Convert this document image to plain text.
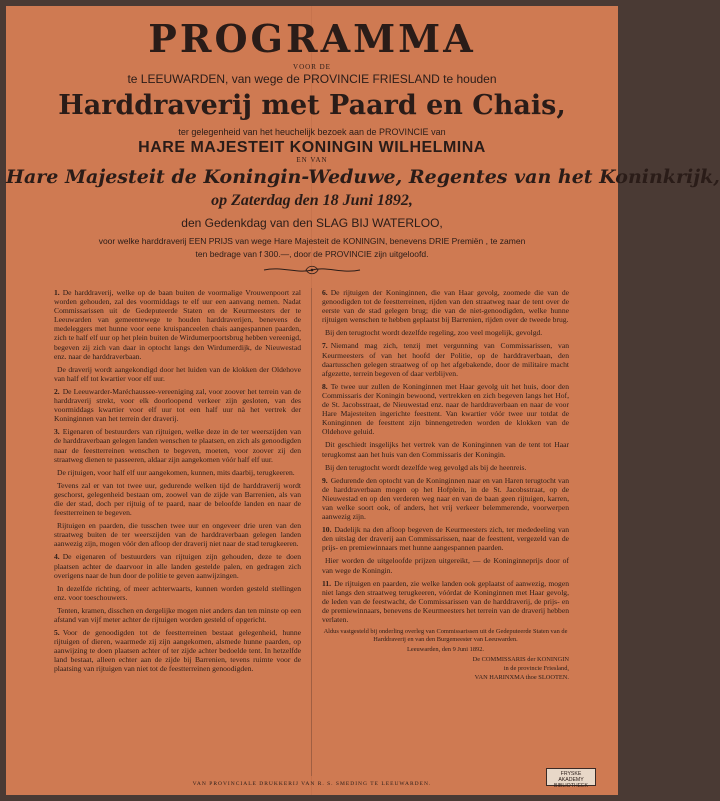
PROGRAMMA
VOOR DE
te LEEUWARDEN, van wege de PROVINCIE FRIESLAND te houden
Harddraverij met Paard en Chais,
ter gelegenheid van het heuchelijk bezoek aan de PROVINCIE van
HARE MAJESTEIT KONINGIN WILHELMINA
EN VAN
Hare Majesteit de Koningin-Weduwe, Regentes van het Koninkrijk,
op Zaterdag den 18 Juni 1892,
den Gedenkdag van den SLAG BIJ WATERLOO,
voor welke harddraverij EEN PRIJS van wege Hare Majesteit de KONINGIN, benevens DRIE Premiën , te zamen
ten bedrage van f 300.—, door de PROVINCIE zijn uitgeloofd.

1. De harddraverij, welke op de baan buiten de voormalige Vrouwenpoort zal worden gehouden, zal des voormiddags te elf uur een aanvang nemen. Nadat Commissarissen uit de Gedeputeerde Staten en de Keurmeesters der te Leeuwarden van gemeentewege te houden harddraverijen, benevens de medeleggers met hunne voor eene kruispanceelen chais aangespannen paarden, zich te half elf uur op het plein buiten de Wirdumerpoortsbrug hebben vereenigd, begeven zij zich van daar in optocht langs den Wirdumerdijk, de Nieuwestad enz. naar de harddraverbaan.

De draverij wordt aangekondigd door het luiden van de klokken der Oldehove van half elf tot kwartier voor elf uur.

2. De Leeuwarder-Maréchaussee-vereeniging zal, voor zoover het terrein van de harddraverij strekt, voor elk doorloopend verkeer zijn gesloten, van des voormiddags kwartier voor elf uur tot een half uur nà het vertrek der Koninginnen van het terrein der draverij.

3. Eigenaren of bestuurders van rijtuigen, welke deze in de ter weerszijden van de harddraverbaan gelegen landen wenschen te plaatsen, en zich als genoodigden naar de feestterreinen wenschen te begeven, moeten, voor zoover zij den straatweg dienen te passeeren, aldaar zijn aangekomen vóór half elf uur.

De rijtuigen, voor half elf uur aangekomen, kunnen, mits daarbij, terugkeeren.

Tevens zal er van tot twee uur, gedurende welken tijd de harddraverij wordt geschorst, gelegenheid bestaan om, zoowel van de zijde van Barrenien, als van die der stad, doch per rijtuig of te paard, naar de beloofde landen en naar de feestterreinen te begeven.

Rijtuigen en paarden, die tusschen twee uur en ongeveer drie uren van den straatweg buiten de ter weerszijden van de harddraverbaan gelegen landen aanwezig zijn, mogen vóór den afloop der draverij niet naar de stad terugkeeren.

4. De eigenaren of bestuurders van rijtuigen zijn gehouden, deze te doen plaatsen achter de daarvoor in alle landen gestelde palen, en gedragen zich overigens naar de hun door de politie te geven aanwijzingen.

In dezelfde richting, of meer achterwaarts, kunnen worden gesteld stellingen enz. voor toeschouwers.

Tenten, kramen, disschen en dergelijke mogen niet anders dan ten minste op een afstand van vijf meter achter de rijtuigen worden gesteld of opgericht.

5. Voor de genoodigden tot de feestterreinen bestaat gelegenheid, hunne rijtuigen of dieren, waarmede zij zijn aangekomen, alsmede hunne paarden, op aanwijzing te doen plaatsen achter of ter zijde achter bedoelde tent. In hetzelfde land bestaat, alleen echter aan de zijde bij Barrenien, tevens ruimte voor de plaatsing van rijtuigen van niet tot de feestterreinen genoodigden.

6. De rijtuigen der Koninginnen, die van Haar gevolg, zoomede die van de genoodigden tot de feestterreinen, rijden van den straatweg naar de tent over de eerste van de stad gelegen brug; die van de niet-genoodigden, welke hunne rijtuigen wenschen te hebben geplaatst bij Barrenien, rijden over de tweede brug.

Bij den terugtocht wordt dezelfde regeling, zoo veel mogelijk, gevolgd.

7. Niemand mag zich, tenzij met vergunning van Commissarissen, van Keurmeesters of van het hoofd der Politie, op de harddraverbaan, den daartusschen gelegen straatweg of op het afgebakende, door de militaire macht afgezette, terrein begeven of daar verblijven.

8. Te twee uur zullen de Koninginnen met Haar gevolg uit het huis, door den Commissaris der Koningin bewoond, vertrekken en zich begeven langs het Hof, de St. Jacobsstraat, de Nieuwestad enz. naar de harddraverbaan en naar de voor Hare Majesteiten ingerichte feesttent. Van kwartier vóór twee uur totdat de Koninginnen de feesttent zijn binnengetreden worden de klokken van de Oldehove geluid.

Dit geschiedt insgelijks het vertrek van de Koninginnen van de tent tot Haar terugkomst aan het huis van den Commissaris der Koningin.

Bij den terugtocht wordt dezelfde weg gevolgd als bij de heenreis.

9. Gedurende den optocht van de Koninginnen naar en van Haren terugtocht van de harddraverbaan mogen op het Hofplein, in de St. Jacobsstraat, op de Nieuwestad en op den verderen weg naar en van de baan geen rijtuigen, karren, van welke soort ook, of anders, het vrij verkeer belemmerende, voorwerpen aanwezig zijn.

10. Dadelijk na den afloop begeven de Keurmeesters zich, ter mededeeling van den uitslag der draverij aan Commissarissen, naar de feesttent, vergezeld van de prijs- en premiewinnaars met hunne aangespannen paarden.

Hier worden de uitgeloofde prijzen uitgereikt, — de Koninginneprijs door of van wege de Koningin.

11. De rijtuigen en paarden, zie welke landen ook geplaatst of aanwezig, mogen niet langs den straatweg terugkeeren, vóórdat de Koninginnen met Haar gevolg, de leden van de feestwacht, de Commissarissen van de harddraverij, de prijs- en de premiewinnaars, benevens de Keurmeesters het terrein van de draverij hebben verlaten.

Aldus vastgesteld bij onderling overleg van Commissarissen uit de Gedeputeerde Staten van de Harddraverij en van den Burgemeester van Leeuwarden.

Leeuwarden, den 9 Juni 1892.

De COMMISSARIS der KONINGIN

in de provincie Friesland,

VAN HARINXMA thoe SLOOTEN.

VAN PROVINCIALE DRUKKERIJ VAN R. S. SMEDING TE LEEUWARDEN.
FRYSKE
AKADEMY
BIBLIOTHEEK
